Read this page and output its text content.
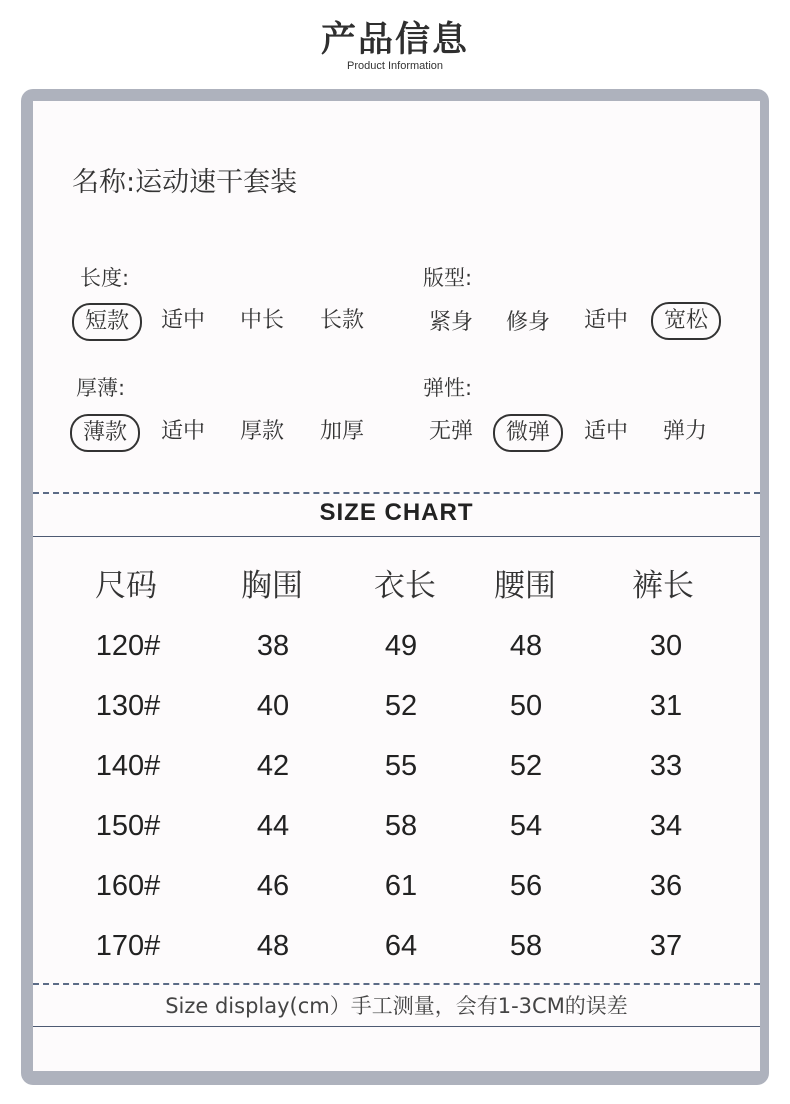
产品信息
Product Information
名称:运动速干套装
长度:
短款	适中	中长	长款
版型:
紧身	修身	适中	宽松
厚薄:
薄款	适中	厚款	加厚
弹性:
无弹	微弹	适中	弹力
SIZE CHART
尺码	胸围	衣长	腰围	裤长
120#	38	49	48	30
130#	40	52	50	31
140#	42	55	52	33
150#	44	58	54	34
160#	46	61	56	36
170#	48	64	58	37
Size display(cm）手工测量，会有1-3CM的误差
